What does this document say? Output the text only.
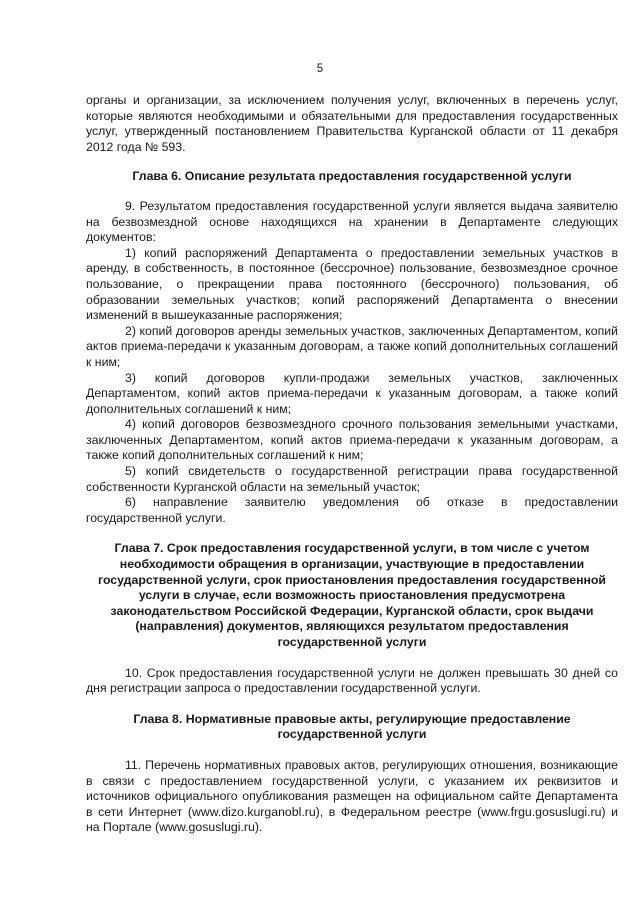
5

органы и организации, за исключением получения услуг, включенных в перечень услуг, которые являются необходимыми и обязательными для предоставления государственных услуг, утвержденный постановлением Правительства Курганской области от 11 декабря 2012 года № 593.

Глава 6. Описание результата предоставления государственной услуги

9. Результатом предоставления государственной услуги является выдача заявителю на безвозмездной основе находящихся на хранении в Департаменте следующих документов:

1) копий распоряжений Департамента о предоставлении земельных участков в аренду, в собственность, в постоянное (бессрочное) пользование, безвозмездное срочное пользование, о прекращении права постоянного (бессрочного) пользования, об образовании земельных участков; копий распоряжений Департамента о внесении изменений в вышеуказанные распоряжения;

2) копий договоров аренды земельных участков, заключенных Департаментом, копий актов приема-передачи к указанным договорам, а также копий дополнительных соглашений к ним;

3) копий договоров купли-продажи земельных участков, заключенных Департаментом, копий актов приема-передачи к указанным договорам, а также копий дополнительных соглашений к ним;

4) копий договоров безвозмездного срочного пользования земельными участками, заключенных Департаментом, копий актов приема-передачи к указанным договорам, а также копий дополнительных соглашений к ним;

5) копий свидетельств о государственной регистрации права государственной собственности Курганской области на земельный участок;

6) направление заявителю уведомления об отказе в предоставлении государственной услуги.

Глава 7. Срок предоставления государственной услуги, в том числе с учетом необходимости обращения в организации, участвующие в предоставлении государственной услуги, срок приостановления предоставления государственной услуги в случае, если возможность приостановления предусмотрена законодательством Российской Федерации, Курганской области, срок выдачи (направления) документов, являющихся результатом предоставления государственной услуги

10. Срок предоставления государственной услуги не должен превышать 30 дней со дня регистрации запроса о предоставлении государственной услуги.

Глава 8. Нормативные правовые акты, регулирующие предоставление государственной услуги

11. Перечень нормативных правовых актов, регулирующих отношения, возникающие в связи с предоставлением государственной услуги, с указанием их реквизитов и источников официального опубликования размещен на официальном сайте Департамента в сети Интернет (www.dizo.kurganobl.ru), в Федеральном реестре (www.frgu.gosuslugi.ru) и на Портале (www.gosuslugi.ru).
